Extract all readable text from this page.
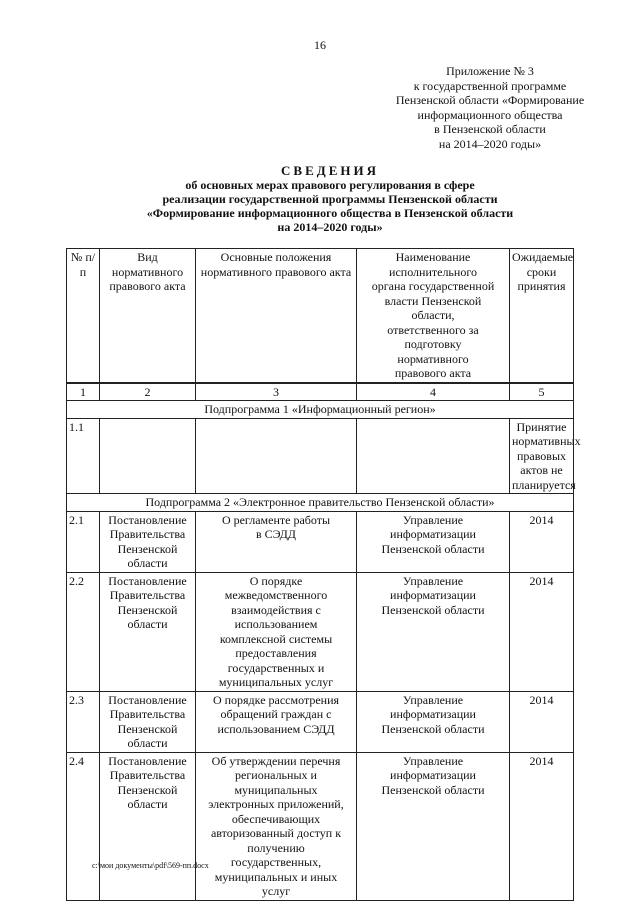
16
Приложение № 3
к государственной программе
Пензенской области «Формирование
информационного общества
в Пензенской области
на 2014–2020 годы»
СВЕДЕНИЯ
об основных мерах правового регулирования в сфере
реализации государственной программы Пензенской области
«Формирование информационного общества в Пензенской области
на 2014–2020 годы»
№ п/п	Вид нормативного правового акта	Основные положения нормативного правового акта	Наименование исполнительного органа государственной власти Пензенской области, ответственного за подготовку нормативного правового акта	Ожидаемые сроки принятия
1	2	3	4	5
Подпрограмма 1 «Информационный регион»				
1.1				Принятие нормативных правовых актов не планируется
Подпрограмма 2 «Электронное правительство Пензенской области»				
2.1	Постановление Правительства Пензенской области	О регламенте работы в СЭДД	Управление информатизации Пензенской области	2014
2.2	Постановление Правительства Пензенской области	О порядке межведомственного взаимодействия с использованием комплексной системы предоставления государственных и муниципальных услуг	Управление информатизации Пензенской области	2014
2.3	Постановление Правительства Пензенской области	О порядке рассмотрения обращений граждан с использованием СЭДД	Управление информатизации Пензенской области	2014
2.4	Постановление Правительства Пензенской области	Об утверждении перечня региональных и муниципальных электронных приложений, обеспечивающих авторизованный доступ к получению государственных, муниципальных и иных услуг	Управление информатизации Пензенской области	2014
c:\мои документы\pdf\569-пп.docx
